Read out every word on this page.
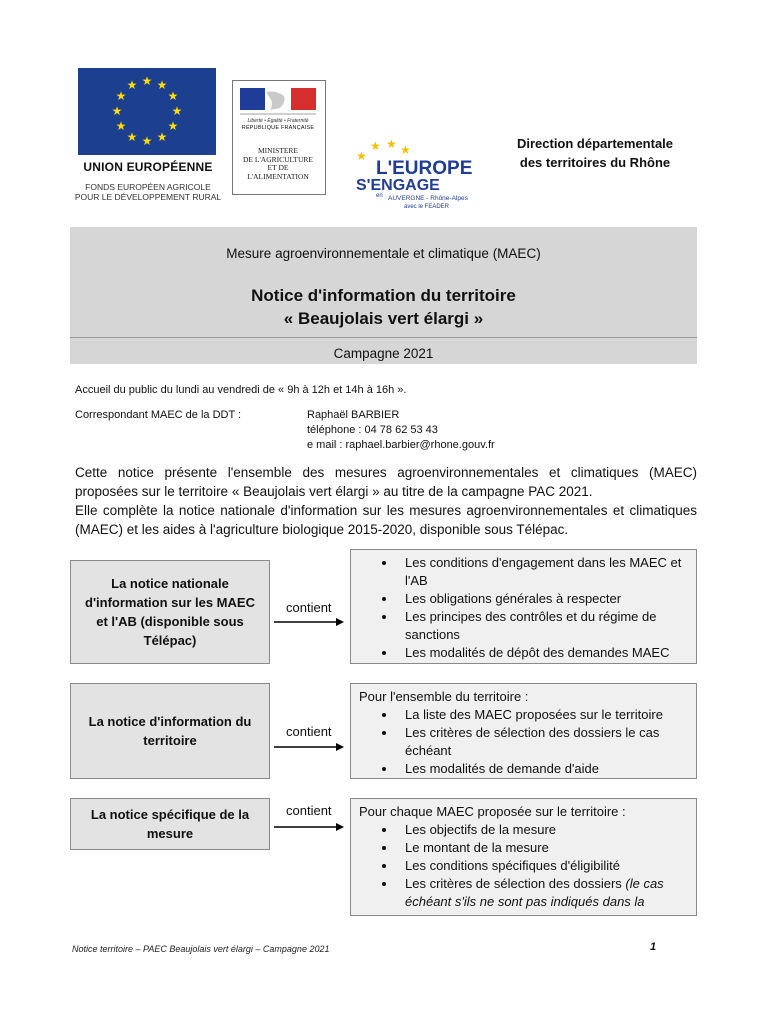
★ ★
★
★
★
★
★
★
★
★
★
★
UNION EUROPÉENNE
FONDS EUROPÉEN AGRICOLE
POUR LE DÉVELOPPEMENT RURAL
Liberté • Égalité • Fraternité
RÉPUBLIQUE FRANÇAISE
MINISTERE
DE L'AGRICULTURE
ET DE
L'ALIMENTATION
★
★ ★ ★
L'EUROPE
S'ENGAGE
en AUVERGNE - Rhône-Alpes
avec le FEADER
Direction départementale
des territoires du Rhône
Mesure agroenvironnementale et climatique (MAEC)
Notice d'information du territoire
« Beaujolais vert élargi »
Campagne 2021
Accueil du public du lundi au vendredi de « 9h à 12h et 14h à 16h ».
Correspondant MAEC de la DDT :	Raphaël BARBIER
téléphone : 04 78 62 53 43
e mail : raphael.barbier@rhone.gouv.fr

Cette notice présente l'ensemble des mesures agroenvironnementales et climatiques (MAEC) proposées sur le territoire « Beaujolais vert élargi » au titre de la campagne PAC 2021.

Elle complète la notice nationale d'information sur les mesures agroenvironnementales et climatiques (MAEC) et les aides à l'agriculture biologique 2015-2020, disponible sous Télépac.

La notice nationale d'information sur les MAEC et l'AB (disponible sous Télépac)
contient
• Les conditions d'engagement dans les MAEC et l'AB
• Les obligations générales à respecter
• Les principes des contrôles et du régime de sanctions
• Les modalités de dépôt des demandes MAEC
La notice d'information du territoire
contient
Pour l'ensemble du territoire :
• La liste des MAEC proposées sur le territoire
• Les critères de sélection des dossiers le cas échéant
• Les modalités de demande d'aide
La notice spécifique de la mesure
contient Pour chaque MAEC proposée sur le territoire :
• Les objectifs de la mesure
• Le montant de la mesure
• Les conditions spécifiques d'éligibilité
• Les critères de sélection des dossiers (le cas échéant s'ils ne sont pas indiqués dans la
Notice territoire – PAEC Beaujolais vert élargi – Campagne 2021	1
